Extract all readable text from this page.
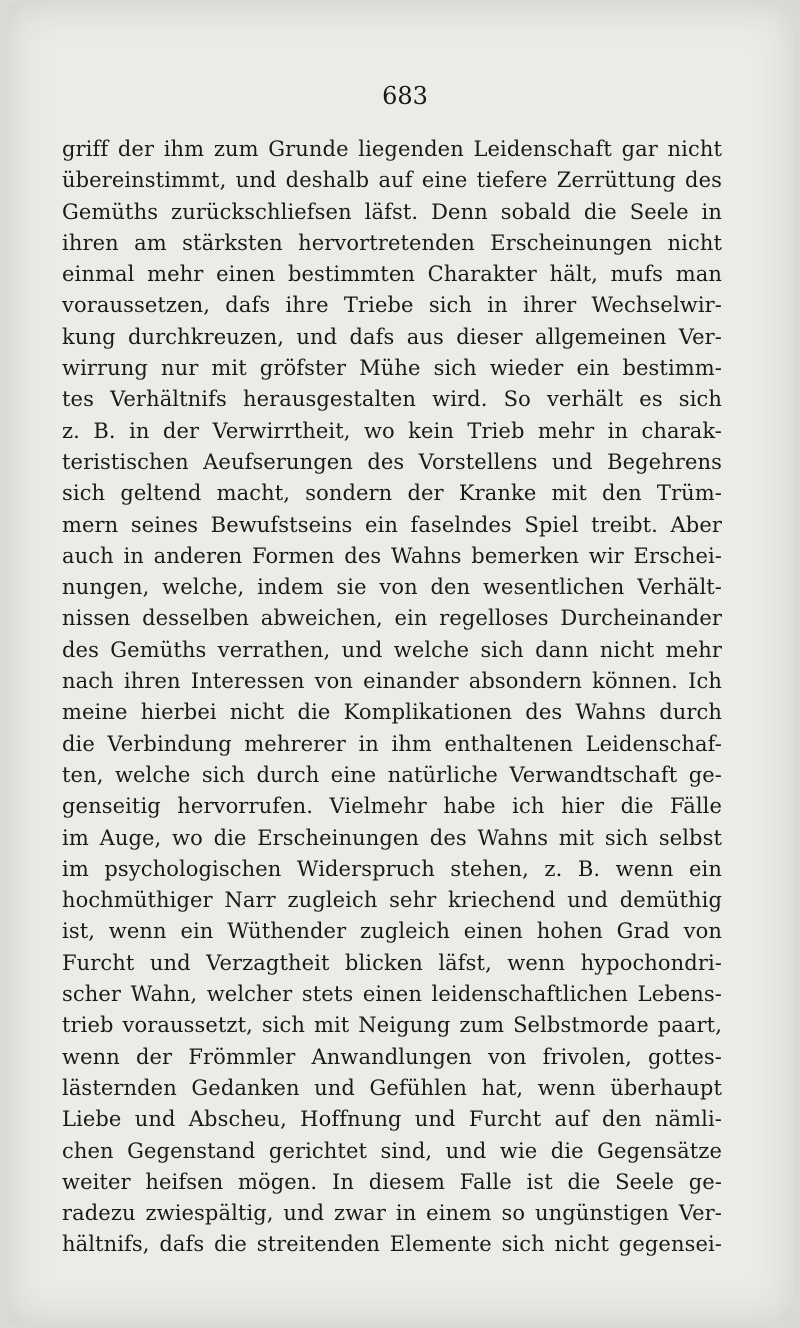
683
griff der ihm zum Grunde liegenden Leidenschaft gar nicht
übereinstimmt, und deshalb auf eine tiefere Zerrüttung des
Gemüths zurückschliefsen läfst. Denn sobald die Seele in
ihren am stärksten hervortretenden Erscheinungen nicht
einmal mehr einen bestimmten Charakter hält, mufs man
voraussetzen, dafs ihre Triebe sich in ihrer Wechselwir-
kung durchkreuzen, und dafs aus dieser allgemeinen Ver-
wirrung nur mit gröfster Mühe sich wieder ein bestimm-
tes Verhältnifs herausgestalten wird. So verhält es sich
z. B. in der Verwirrtheit, wo kein Trieb mehr in charak-
teristischen Aeufserungen des Vorstellens und Begehrens
sich geltend macht, sondern der Kranke mit den Trüm-
mern seines Bewufstseins ein faselndes Spiel treibt. Aber
auch in anderen Formen des Wahns bemerken wir Erschei-
nungen, welche, indem sie von den wesentlichen Verhält-
nissen desselben abweichen, ein regelloses Durcheinander
des Gemüths verrathen, und welche sich dann nicht mehr
nach ihren Interessen von einander absondern können. Ich
meine hierbei nicht die Komplikationen des Wahns durch
die Verbindung mehrerer in ihm enthaltenen Leidenschaf-
ten, welche sich durch eine natürliche Verwandtschaft ge-
genseitig hervorrufen. Vielmehr habe ich hier die Fälle
im Auge, wo die Erscheinungen des Wahns mit sich selbst
im psychologischen Widerspruch stehen, z. B. wenn ein
hochmüthiger Narr zugleich sehr kriechend und demüthig
ist, wenn ein Wüthender zugleich einen hohen Grad von
Furcht und Verzagtheit blicken läfst, wenn hypochondri-
scher Wahn, welcher stets einen leidenschaftlichen Lebens-
trieb voraussetzt, sich mit Neigung zum Selbstmorde paart,
wenn der Frömmler Anwandlungen von frivolen, gottes-
lästernden Gedanken und Gefühlen hat, wenn überhaupt
Liebe und Abscheu, Hoffnung und Furcht auf den nämli-
chen Gegenstand gerichtet sind, und wie die Gegensätze
weiter heifsen mögen. In diesem Falle ist die Seele ge-
radezu zwiespältig, und zwar in einem so ungünstigen Ver-
hältnifs, dafs die streitenden Elemente sich nicht gegensei-
